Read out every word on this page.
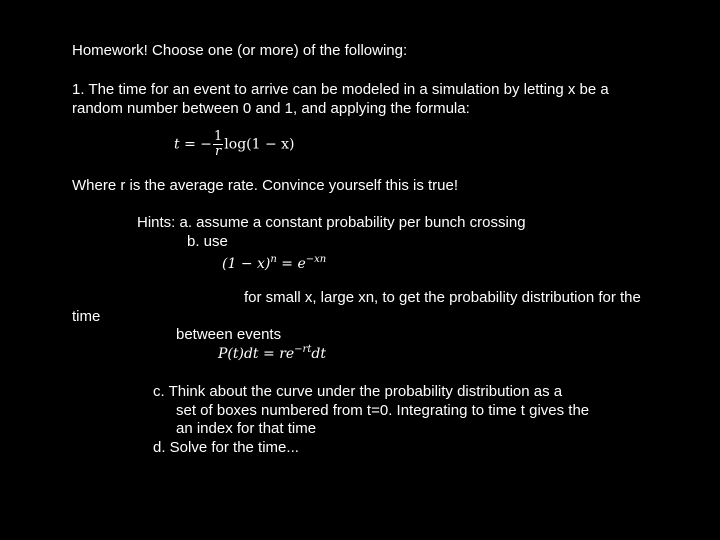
Homework! Choose one (or more) of the following:
1. The time for an event to arrive can be modeled in a simulation by letting x be a
random number between 0 and 1, and applying the formula:
t = − $\frac{1}{r} \log(1 - x)$
Where r is the average rate. Convince yourself this is true!
Hints: a. assume a constant probability per bunch crossing
b. use
$(1 - x)^n = e^{-xn}$
for small x, large xn, to get the probability distribution for the
time
between events
$P(t)dt = re^{-rt}dt$
c. Think about the curve under the probability distribution as a
set of boxes numbered from t=0. Integrating to time t gives the
an index for that time
d. Solve for the time...
